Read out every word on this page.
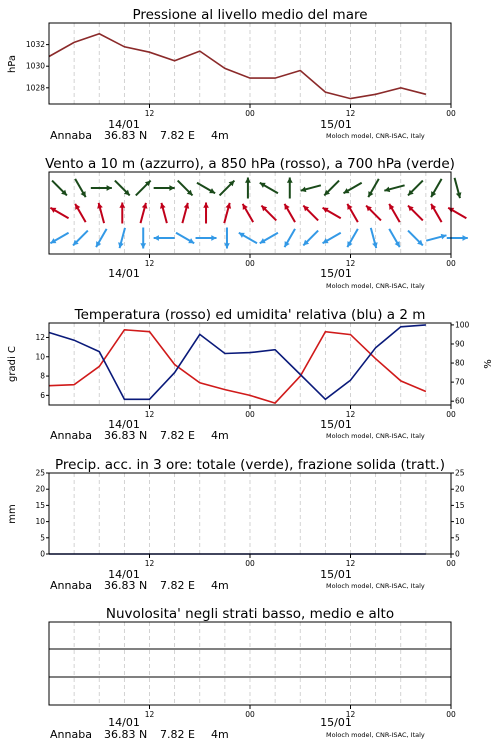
Pressione al livello medio del mare
hPa
1028
1030
1032
12	00	12	00
14/01	15/01
Annaba 36.83 N 7.82 E 4m	Moloch model, CNR-ISAC, Italy
Vento a 10 m (azzurro), a 850 hPa (rosso), a 700 hPa (verde)
12	00	12	00
14/01	15/01
Moloch model, CNR-ISAC, Italy
Temperatura (rosso) ed umidita' relativa (blu) a 2 m
gradi C	%
6
8
10
12
60
70
80
90
100
12	00	12	00
14/01	15/01
Annaba 36.83 N 7.82 E 4m	Moloch model, CNR-ISAC, Italy
Precip. acc. in 3 ore: totale (verde), frazione solida (tratt.)
mm
0
5
10
15
20
25
0
5
10
15
20
25
12	00	12	00
14/01	15/01
Annaba 36.83 N 7.82 E 4m	Moloch model, CNR-ISAC, Italy
Nuvolosita' negli strati basso, medio e alto
12	00	12	00
14/01	15/01
Annaba 36.83 N 7.82 E 4m	Moloch model, CNR-ISAC, Italy
